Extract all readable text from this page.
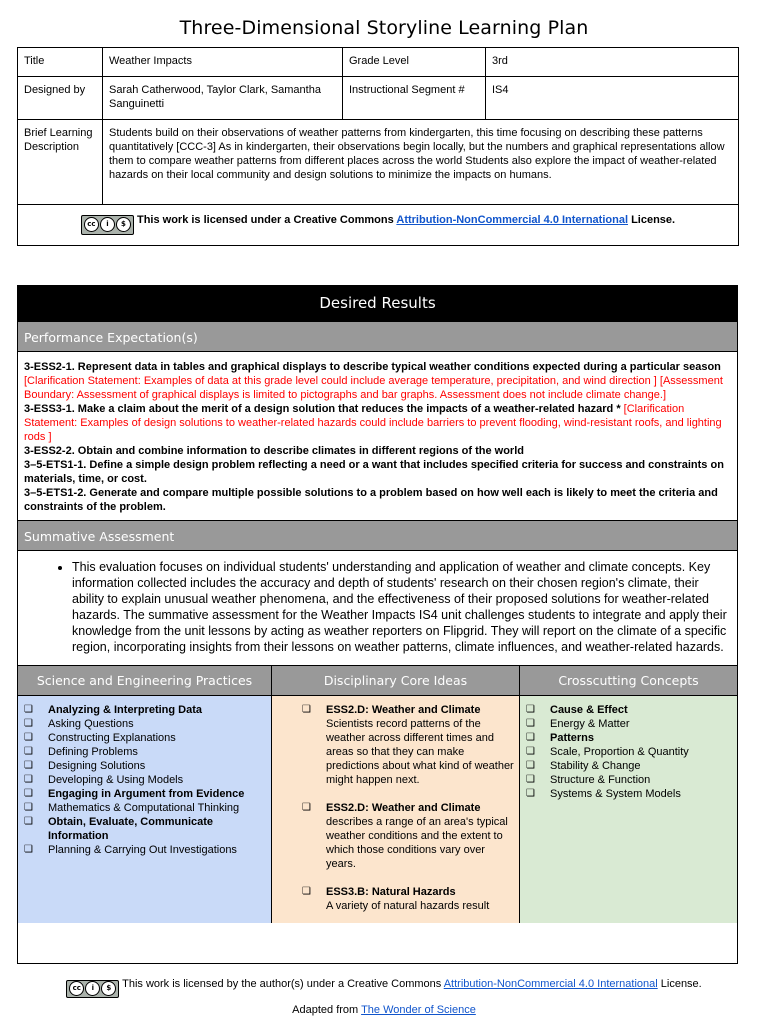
Three-Dimensional Storyline Learning Plan
Title	Weather Impacts	Grade Level	3rd
Designed by	Sarah Catherwood, Taylor Clark, Samantha Sanguinetti	Instructional Segment #	IS4
Brief Learning Description	Students build on their observations of weather patterns from kindergarten, this time focusing on describing these patterns quantitatively [CCC-3] As in kindergarten, their observations begin locally, but the numbers and graphical representations allow them to compare weather patterns from different places across the world Students also explore the impact of weather-related hazards on their local community and design solutions to minimize the impacts on humans.		

cc i $ This work is licensed under a Creative Commons Attribution-NonCommercial 4.0 International License.			
Desired Results
Performance Expectation(s)
3-ESS2-1. Represent data in tables and graphical displays to describe typical weather conditions expected during a particular season [Clarification Statement: Examples of data at this grade level could include average temperature, precipitation, and wind direction ] [Assessment Boundary: Assessment of graphical displays is limited to pictographs and bar graphs. Assessment does not include climate change.]
3-ESS3-1. Make a claim about the merit of a design solution that reduces the impacts of a weather-related hazard * [Clarification Statement: Examples of design solutions to weather-related hazards could include barriers to prevent flooding, wind-resistant roofs, and lighting rods ]
3-ESS2-2. Obtain and combine information to describe climates in different regions of the world
3–5-ETS1-1. Define a simple design problem reflecting a need or a want that includes specified criteria for success and constraints on materials, time, or cost.
3–5-ETS1-2. Generate and compare multiple possible solutions to a problem based on how well each is likely to meet the criteria and constraints of the problem.
Summative Assessment
• This evaluation focuses on individual students' understanding and application of weather and climate concepts. Key information collected includes the accuracy and depth of students' research on their chosen region's climate, their ability to explain unusual weather phenomena, and the effectiveness of their proposed solutions for weather-related hazards. The summative assessment for the Weather Impacts IS4 unit challenges students to integrate and apply their knowledge from the unit lessons by acting as weather reporters on Flipgrid. They will report on the climate of a specific region, incorporating insights from their lessons on weather patterns, climate influences, and weather-related hazards.
Science and Engineering Practices
❏	Analyzing & Interpreting Data
❏	Asking Questions
❏	Constructing Explanations
❏	Defining Problems
❏	Designing Solutions
❏	Developing & Using Models
❏	Engaging in Argument from Evidence
❏	Mathematics & Computational Thinking
❏	Obtain, Evaluate, Communicate Information
❏	Planning & Carrying Out Investigations
Disciplinary Core Ideas
❏	ESS2.D: Weather and Climate
Scientists record patterns of the weather across different times and areas so that they can make predictions about what kind of weather might happen next.
❏	ESS2.D: Weather and Climate describes a range of an area's typical weather conditions and the extent to which those conditions vary over years.
❏	ESS3.B: Natural Hazards
A variety of natural hazards result
Crosscutting Concepts
❏	Cause & Effect
❏	Energy & Matter
❏	Patterns
❏	Scale, Proportion & Quantity
❏	Stability & Change
❏	Structure & Function
❏	Systems & System Models
cc	i	$ This work is licensed by the author(s) under a Creative Commons Attribution-NonCommercial 4.0 International License.
Adapted from The Wonder of Science
